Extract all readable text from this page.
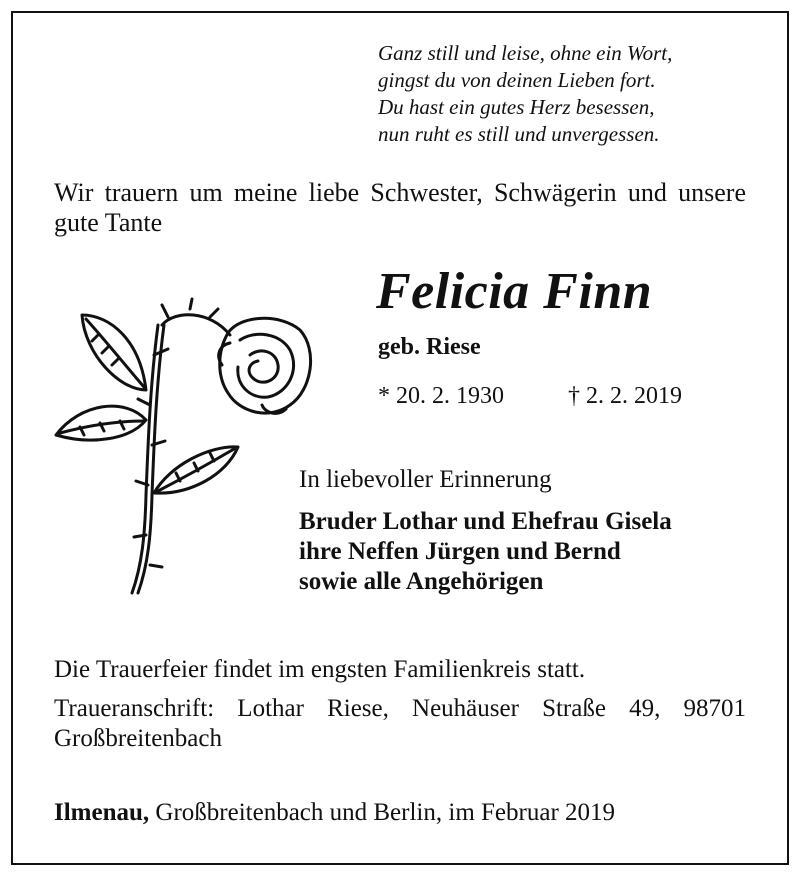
Ganz still und leise, ohne ein Wort,
gingst du von deinen Lieben fort.
Du hast ein gutes Herz besessen,
nun ruht es still und unvergessen.
Wir trauern um meine liebe Schwester, Schwägerin und unsere gute Tante
Felicia Finn
geb. Riese
* 20. 2. 1930	† 2. 2. 2019
In liebevoller Erinnerung
Bruder Lothar und Ehefrau Gisela
ihre Neffen Jürgen und Bernd
sowie alle Angehörigen
Die Trauerfeier findet im engsten Familienkreis statt.
Traueranschrift: Lothar Riese, Neuhäuser Straße 49, 98701 Großbreitenbach
Ilmenau, Großbreitenbach und Berlin, im Februar 2019
